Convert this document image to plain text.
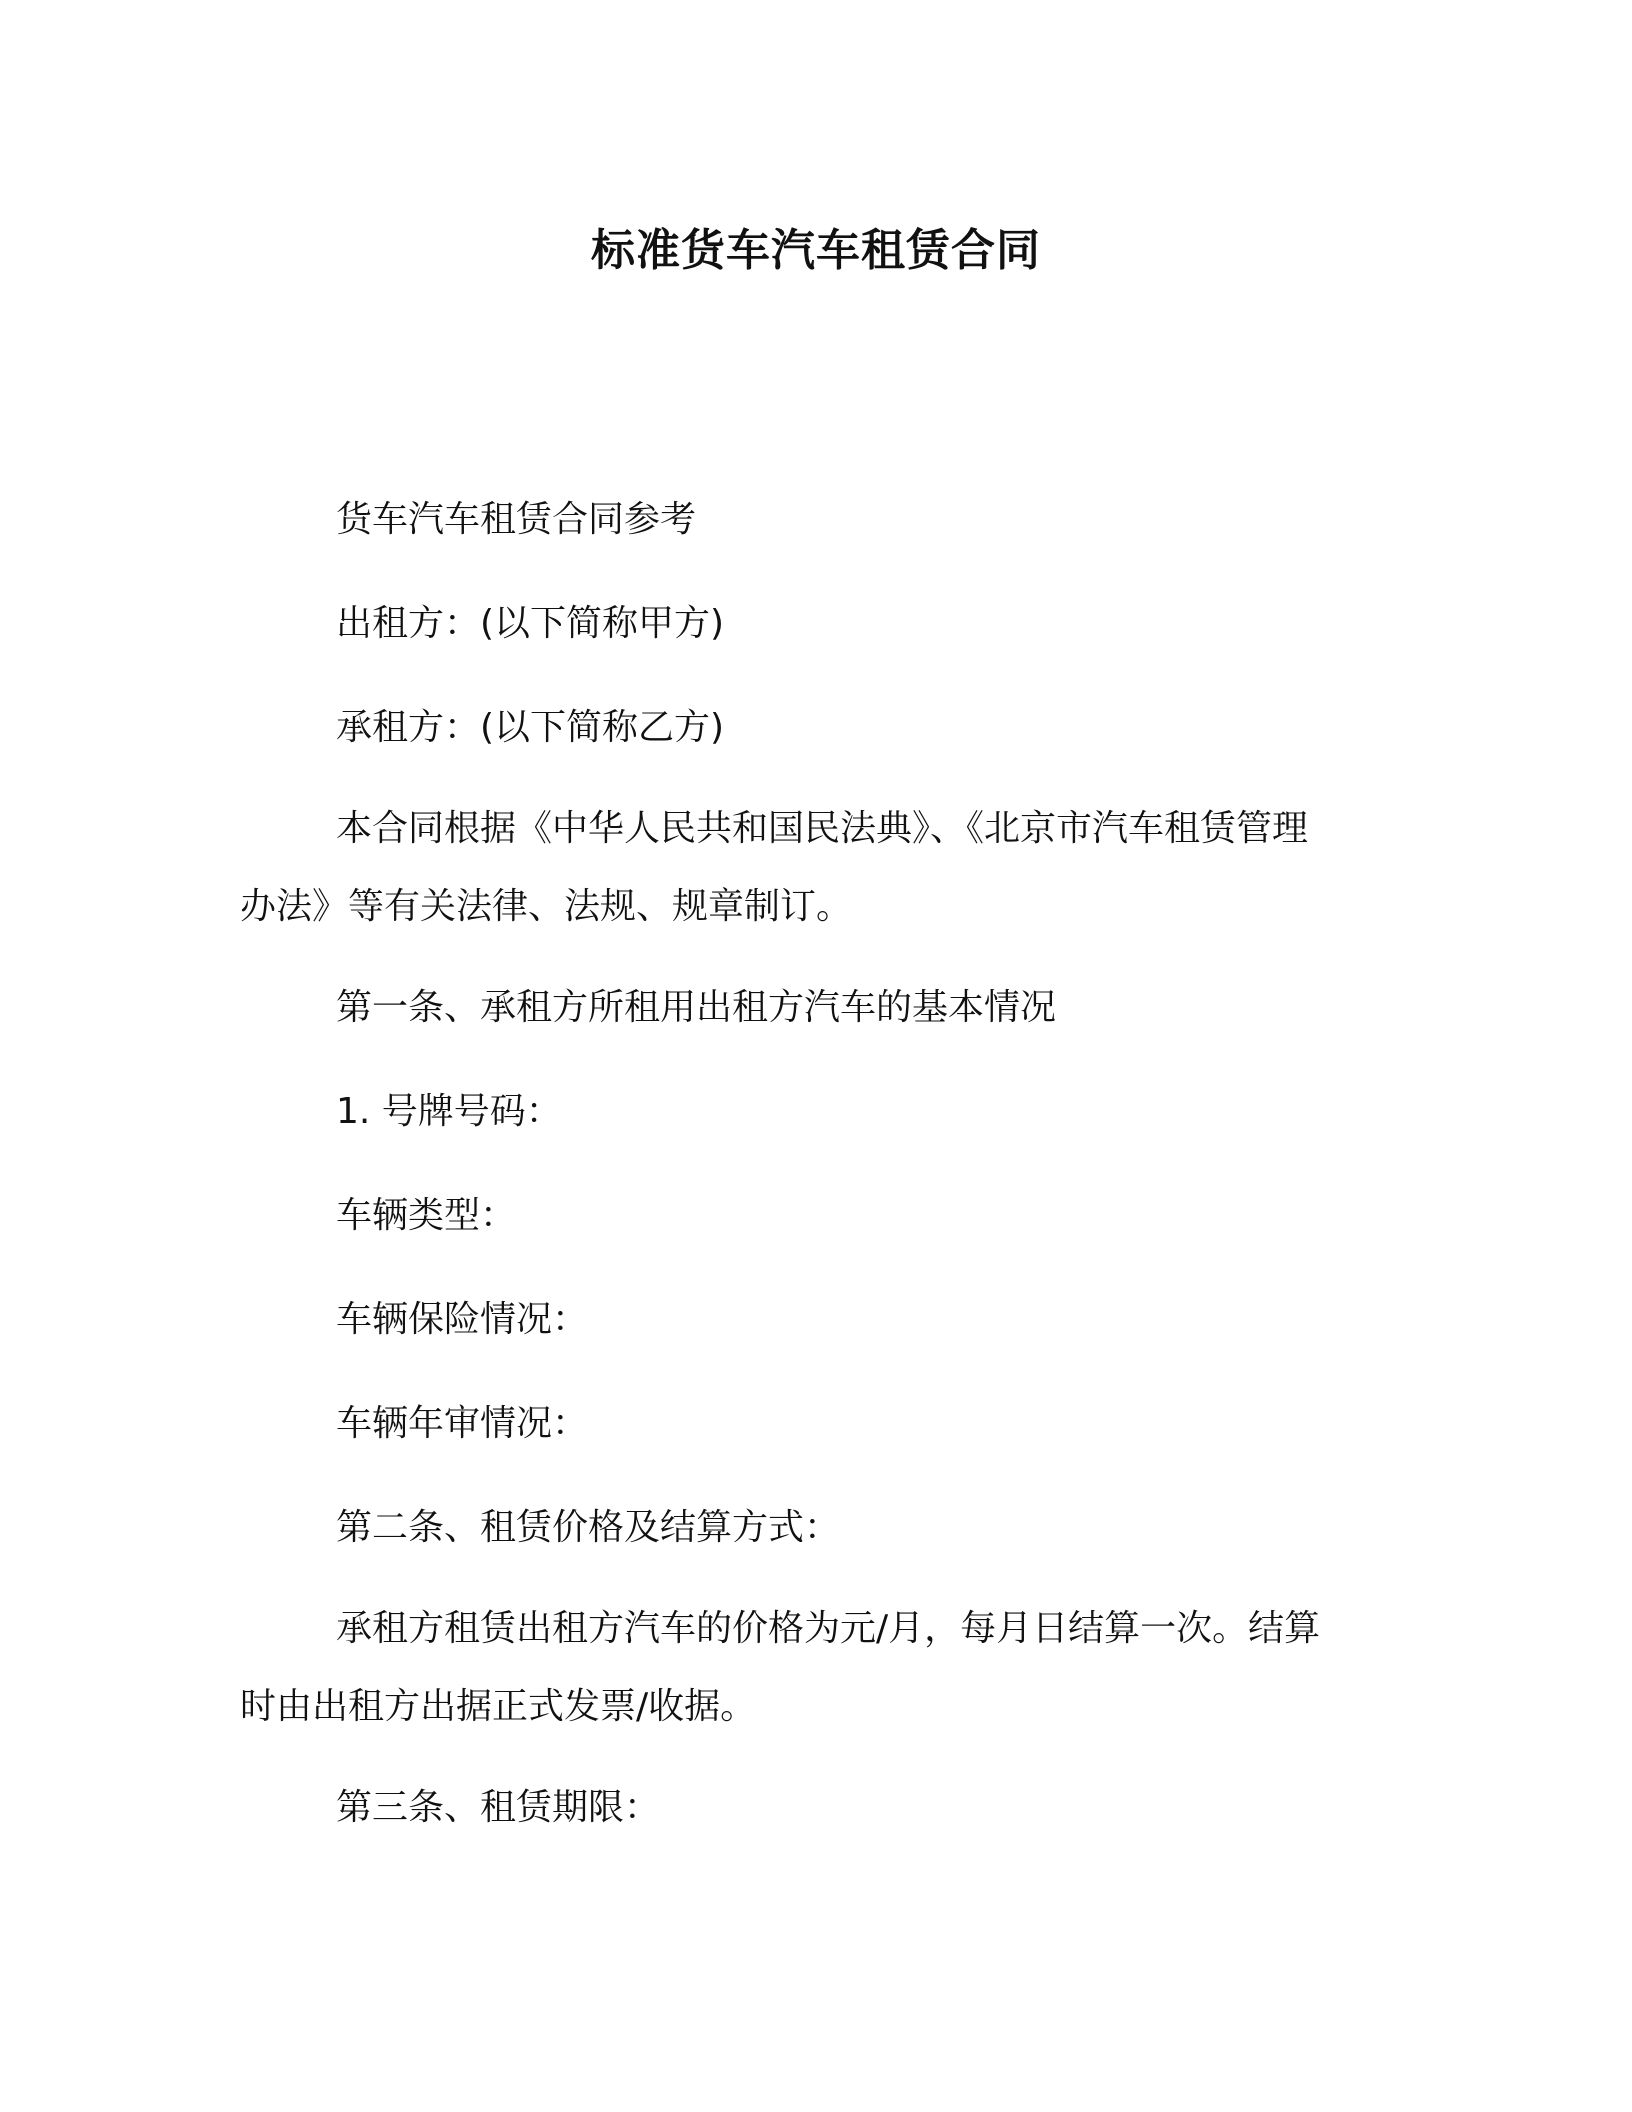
标准货车汽车租赁合同
货车汽车租赁合同参考
出租方：(以下简称甲方)
承租方：(以下简称乙方)
本合同根据《中华人民共和国民法典》、《北京市汽车租赁管理
办法》等有关法律、法规、规章制订。
第一条、承租方所租用出租方汽车的基本情况
1. 号牌号码：
车辆类型：
车辆保险情况：
车辆年审情况：
第二条、租赁价格及结算方式：
承租方租赁出租方汽车的价格为元/月，每月日结算一次。结算
时由出租方出据正式发票/收据。
第三条、租赁期限：
